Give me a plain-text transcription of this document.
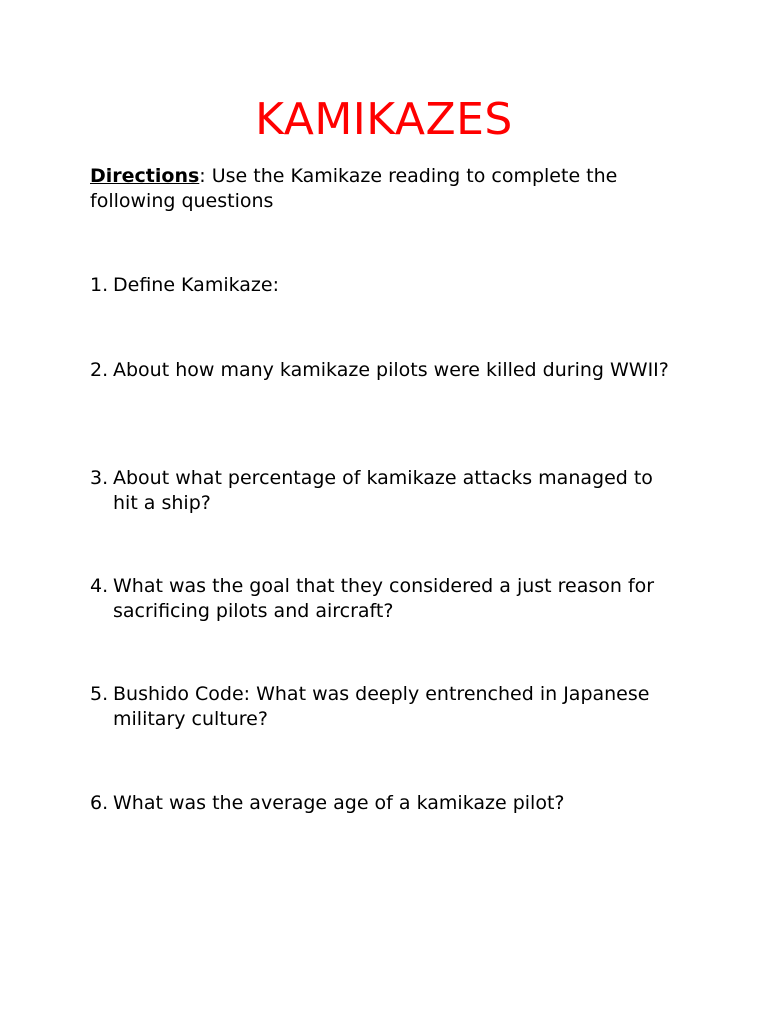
KAMIKAZES
Directions: Use the Kamikaze reading to complete the following questions
1. Define Kamikaze:
2. About how many kamikaze pilots were killed during WWII?
3. About what percentage of kamikaze attacks managed to hit a ship?
4. What was the goal that they considered a just reason for sacrificing pilots and aircraft?
5. Bushido Code: What was deeply entrenched in Japanese military culture?
6. What was the average age of a kamikaze pilot?
